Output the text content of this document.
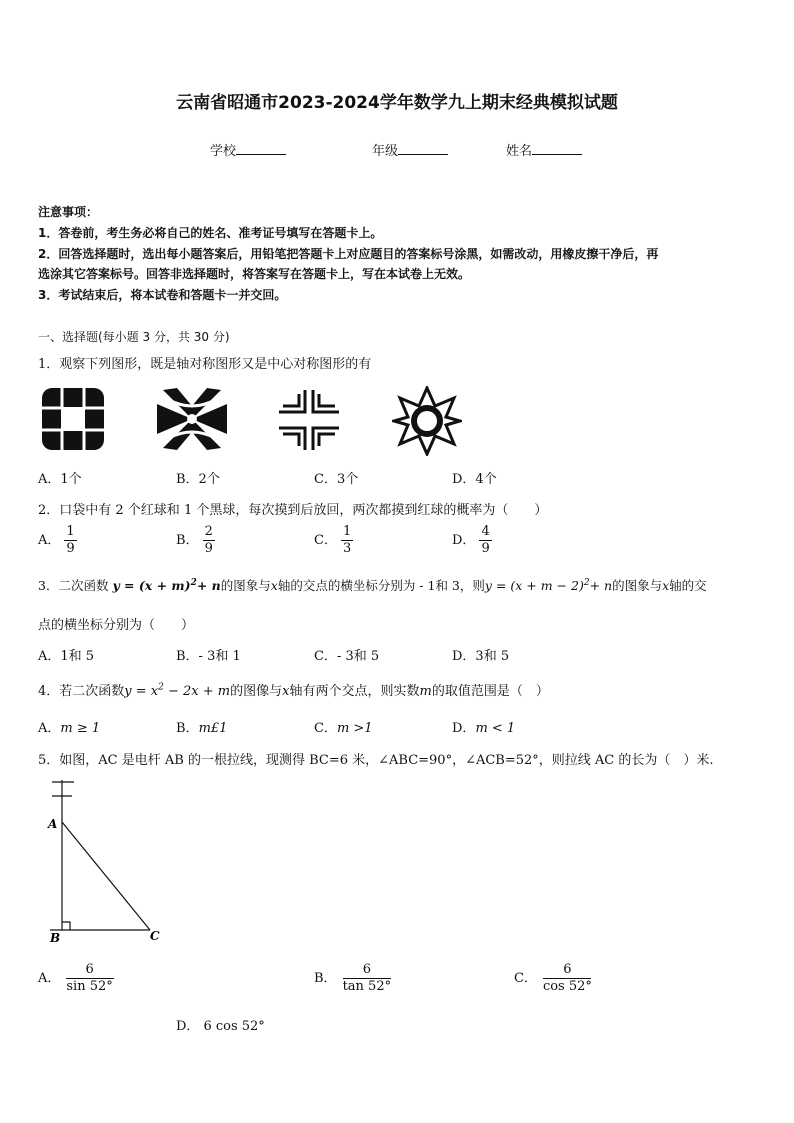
云南省昭通市2023-2024学年数学九上期末经典模拟试题
学校	年级	姓名
注意事项：
1．答卷前，考生务必将自己的姓名、准考证号填写在答题卡上。
2．回答选择题时，选出每小题答案后，用铅笔把答题卡上对应题目的答案标号涂黑，如需改动，用橡皮擦干净后，再
选涂其它答案标号。回答非选择题时，将答案写在答题卡上，写在本试卷上无效。
3．考试结束后，将本试卷和答题卡一并交回。
一、选择题(每小题 3 分，共 30 分)
1．观察下列图形，既是轴对称图形又是中心对称图形的有
A．1个	B．2个	C．3个	D．4个
2．口袋中有 2 个红球和 1 个黑球，每次摸到后放回，两次都摸到红球的概率为（　　）
A． $\frac{1}{9}$	B． $\frac{2}{9}$	C． $\frac{1}{3}$	D． $\frac{4}{9}$
3．二次函数 $y = (x + m)^2+ n$的图象与x轴的交点的横坐标分别为 - 1和 3，则$y = (x + m - 2)^2+ n$的图象与x轴的交
点的横坐标分别为（　　）
A．1和 5	B．- 3和 1	C．- 3和 5	D．3和 5
4．若二次函数$y = x^2 - 2x + m$的图像与x轴有两个交点，则实数m的取值范围是（　）
A．m ≥ 1	B．m£1	C．m >1	D．m < 1
5．如图，AC 是电杆 AB 的一根拉线，现测得 BC=6 米，∠ABC=90°，∠ACB=52°，则拉线 AC 的长为（　）米.
A
B	C
A． $\frac{6}{\sin 52^\circ}$	B． $\frac{6}{\tan 52^\circ}$	C． $\frac{6}{\cos 52^\circ}$
D． 6 cos 52°
